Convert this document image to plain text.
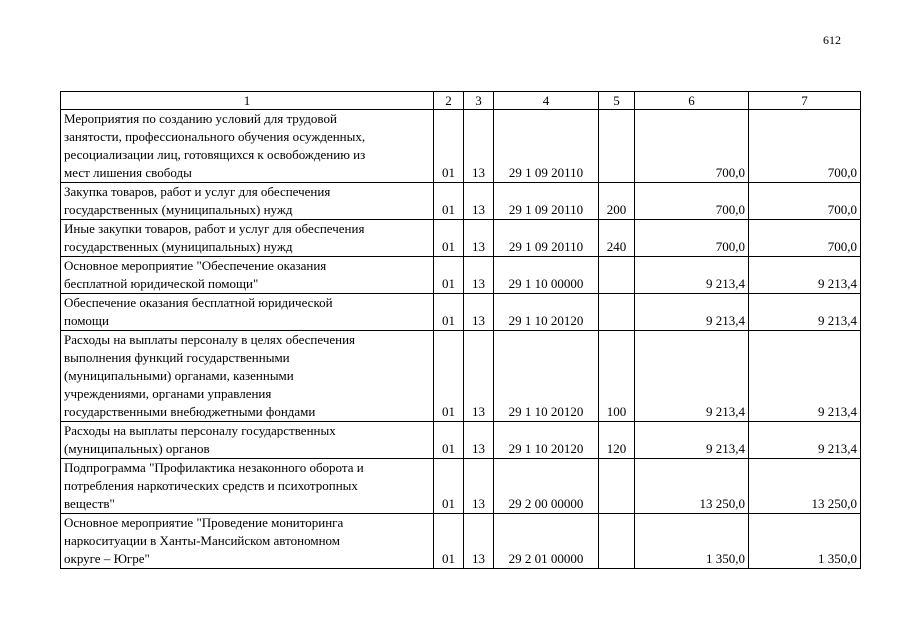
612
1	2	3	4	5	6	7

Мероприятия по созданию условий для трудовой
занятости, профессионального обучения осужденных,
ресоциализации лиц, готовящихся к освобождению из
мест лишения свободы	01	13	29 1 09 20110		700,0	700,0

Закупка товаров, работ и услуг для обеспечения
государственных (муниципальных) нужд	01	13	29 1 09 20110	200	700,0	700,0

Иные закупки товаров, работ и услуг для обеспечения
государственных (муниципальных) нужд	01	13	29 1 09 20110	240	700,0	700,0

Основное мероприятие "Обеспечение оказания
бесплатной юридической помощи"	01	13	29 1 10 00000		9 213,4	9 213,4

Обеспечение оказания бесплатной юридической
помощи	01	13	29 1 10 20120		9 213,4	9 213,4

Расходы на выплаты персоналу в целях обеспечения
выполнения функций государственными
(муниципальными) органами, казенными
учреждениями, органами управления
государственными внебюджетными фондами	01	13	29 1 10 20120	100	9 213,4	9 213,4

Расходы на выплаты персоналу государственных
(муниципальных) органов	01	13	29 1 10 20120	120	9 213,4	9 213,4

Подпрограмма "Профилактика незаконного оборота и
потребления наркотических средств и психотропных
веществ"	01	13	29 2 00 00000		13 250,0	13 250,0

Основное мероприятие "Проведение мониторинга
наркоситуации в Ханты-Мансийском автономном
округе – Югре"	01	13	29 2 01 00000		1 350,0	1 350,0
